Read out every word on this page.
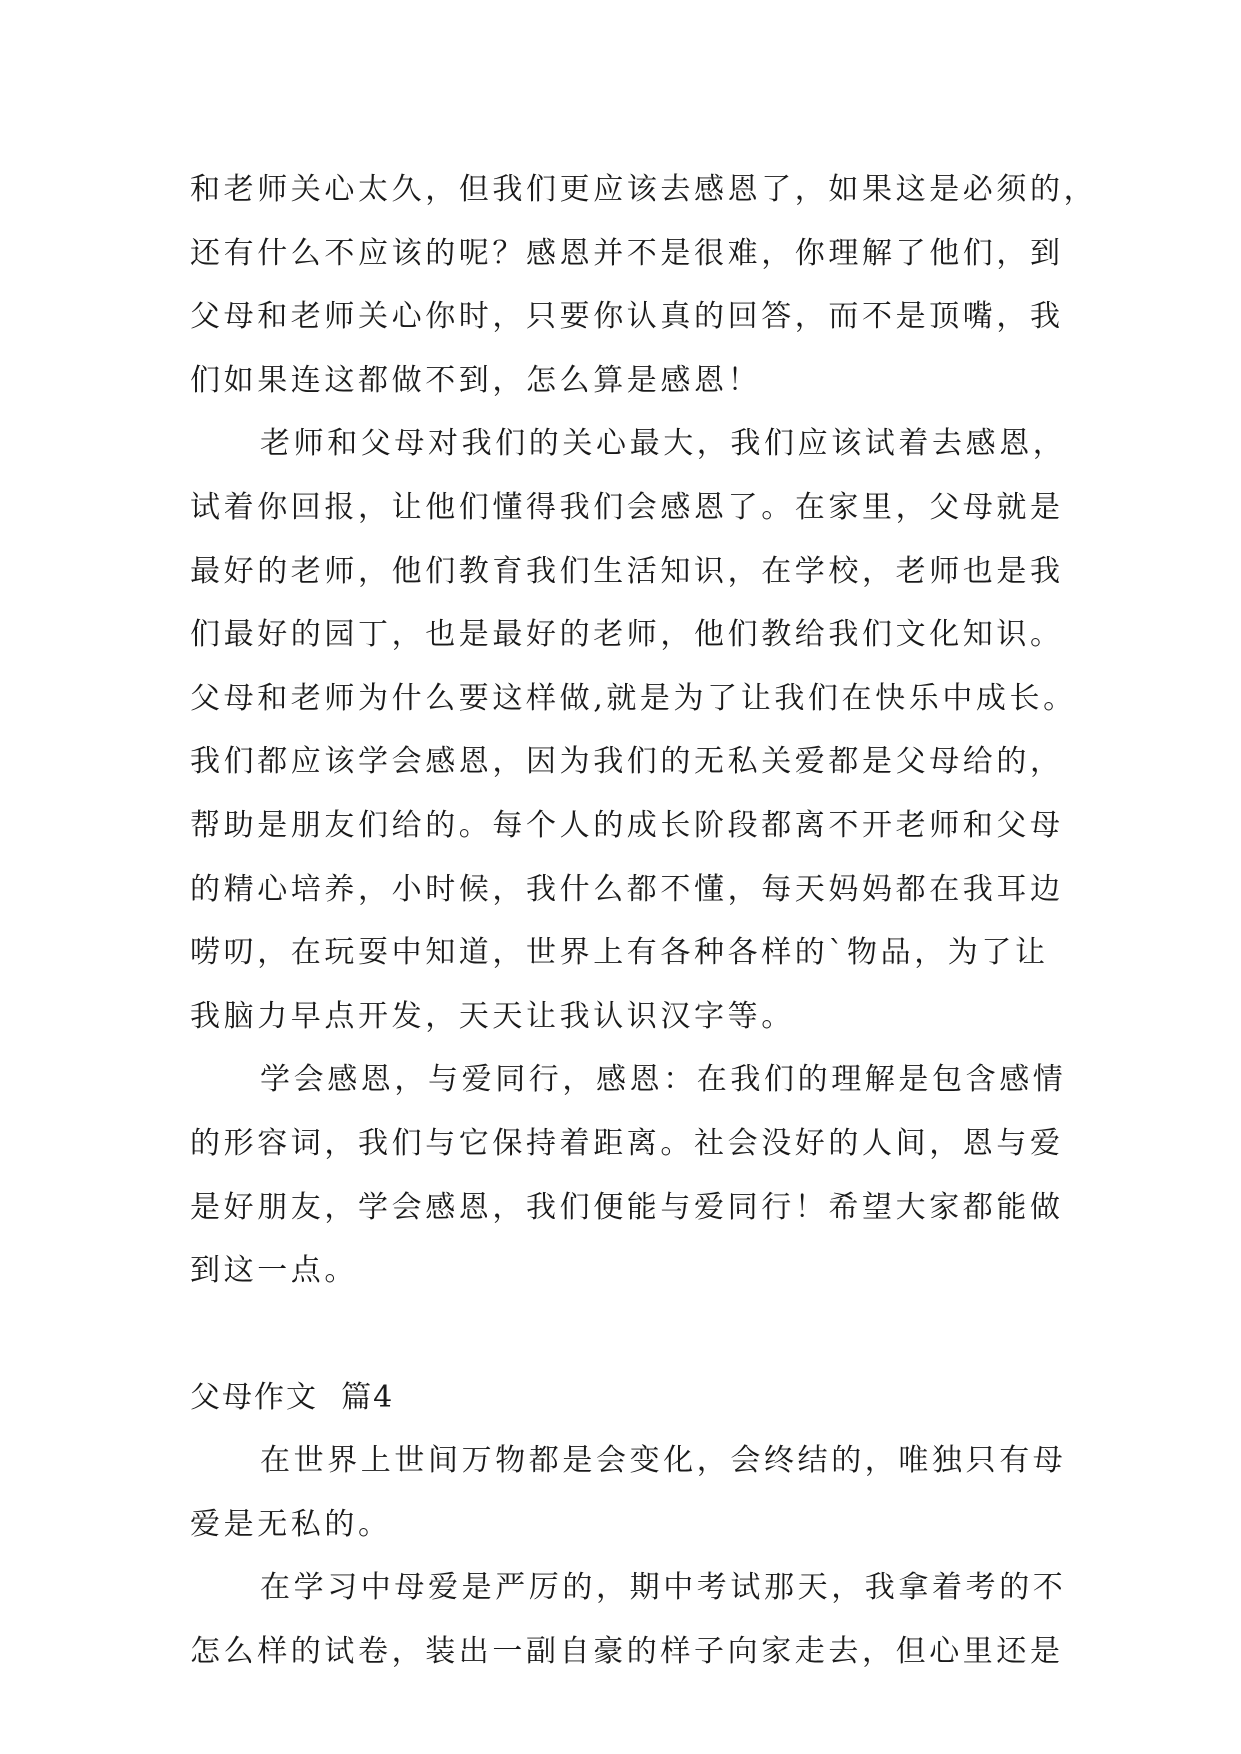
和老师关心太久，但我们更应该去感恩了，如果这是必须的，
还有什么不应该的呢？感恩并不是很难，你理解了他们，到
父母和老师关心你时，只要你认真的回答，而不是顶嘴，我
们如果连这都做不到，怎么算是感恩！
老师和父母对我们的关心最大，我们应该试着去感恩，
试着你回报，让他们懂得我们会感恩了。在家里，父母就是
最好的老师，他们教育我们生活知识，在学校，老师也是我
们最好的园丁，也是最好的老师，他们教给我们文化知识。
父母和老师为什么要这样做,就是为了让我们在快乐中成长。
我们都应该学会感恩，因为我们的无私关爱都是父母给的，
帮助是朋友们给的。每个人的成长阶段都离不开老师和父母
的精心培养，小时候，我什么都不懂，每天妈妈都在我耳边
唠叨，在玩耍中知道，世界上有各种各样的`物品，为了让
我脑力早点开发，天天让我认识汉字等。
学会感恩，与爱同行，感恩：在我们的理解是包含感情
的形容词，我们与它保持着距离。社会没好的人间，恩与爱
是好朋友，学会感恩，我们便能与爱同行！希望大家都能做
到这一点。
父母作文  篇4
在世界上世间万物都是会变化，会终结的，唯独只有母
爱是无私的。
在学习中母爱是严厉的，期中考试那天，我拿着考的不
怎么样的试卷，装出一副自豪的样子向家走去，但心里还是
